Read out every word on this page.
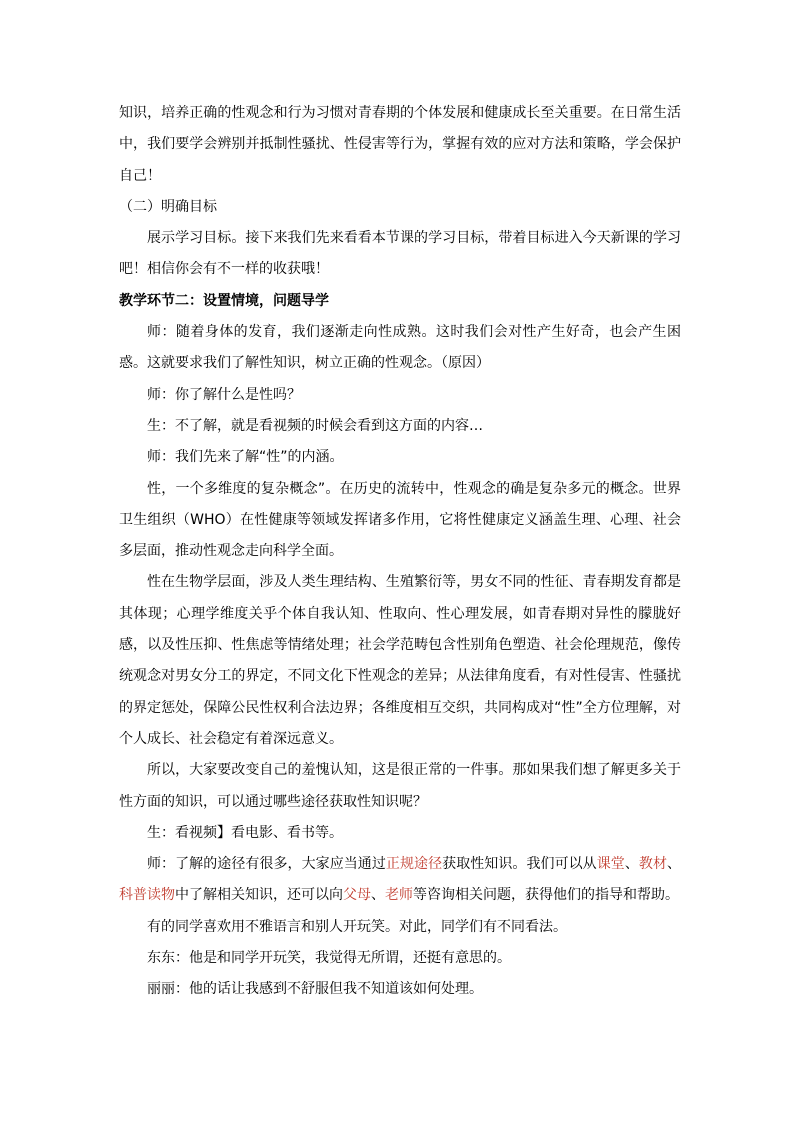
知识，培养正确的性观念和行为习惯对青春期的个体发展和健康成长至关重要。在日常生活中，我们要学会辨别并抵制性骚扰、性侵害等行为，掌握有效的应对方法和策略，学会保护自己！

（二）明确目标

展示学习目标。接下来我们先来看看本节课的学习目标，带着目标进入今天新课的学习吧！相信你会有不一样的收获哦！

教学环节二：设置情境，问题导学

师：随着身体的发育，我们逐渐走向性成熟。这时我们会对性产生好奇，也会产生困惑。这就要求我们了解性知识，树立正确的性观念。（原因）

师：你了解什么是性吗？

生：不了解，就是看视频的时候会看到这方面的内容…

师：我们先来了解“性”的内涵。

性，一个多维度的复杂概念”。在历史的流转中，性观念的确是复杂多元的概念。世界卫生组织（WHO）在性健康等领域发挥诸多作用，它将性健康定义涵盖生理、心理、社会多层面，推动性观念走向科学全面。

性在生物学层面，涉及人类生理结构、生殖繁衍等，男女不同的性征、青春期发育都是其体现；心理学维度关乎个体自我认知、性取向、性心理发展，如青春期对异性的朦胧好感，以及性压抑、性焦虑等情绪处理；社会学范畴包含性别角色塑造、社会伦理规范，像传统观念对男女分工的界定，不同文化下性观念的差异；从法律角度看，有对性侵害、性骚扰的界定惩处，保障公民性权利合法边界；各维度相互交织，共同构成对“性”全方位理解，对个人成长、社会稳定有着深远意义。

所以，大家要改变自己的羞愧认知，这是很正常的一件事。那如果我们想了解更多关于性方面的知识，可以通过哪些途径获取性知识呢？

生：看视频】看电影、看书等。

师：了解的途径有很多，大家应当通过正规途径获取性知识。我们可以从课堂、教材、科普读物中了解相关知识，还可以向父母、老师等咨询相关问题，获得他们的指导和帮助。

有的同学喜欢用不雅语言和别人开玩笑。对此，同学们有不同看法。

东东：他是和同学开玩笑，我觉得无所谓，还挺有意思的。

丽丽：他的话让我感到不舒服但我不知道该如何处理。
